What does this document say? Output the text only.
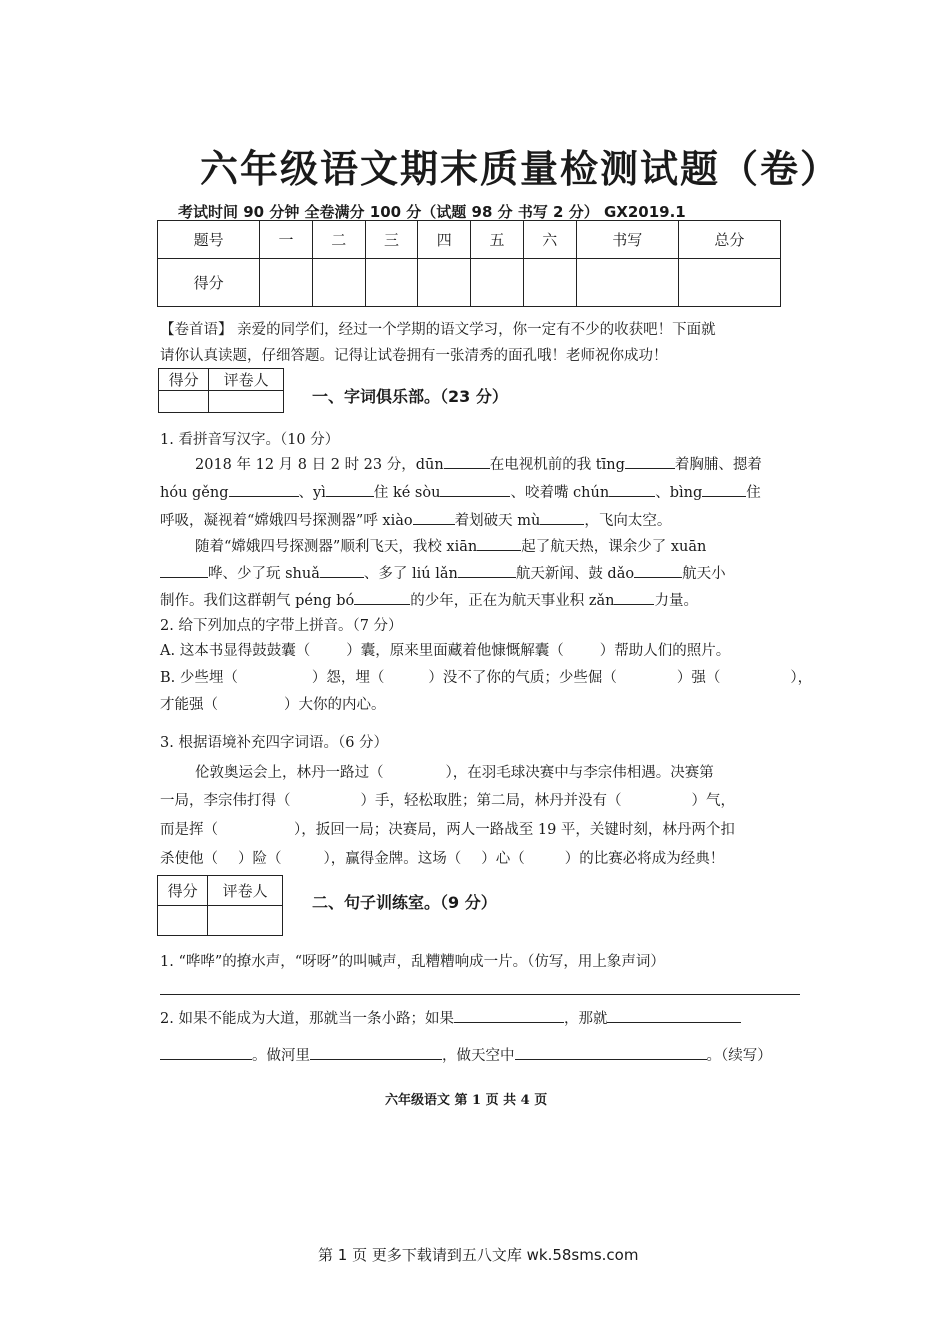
六年级语文期末质量检测试题（卷）
考试时间 90 分钟 全卷满分 100 分（试题 98 分 书写 2 分） GX2019.1
题号	一	二	三	四	五	六	书写	总分
得分								
【卷首语】 亲爱的同学们，经过一个学期的语文学习，你一定有不少的收获吧！下面就
请你认真读题，仔细答题。记得让试卷拥有一张清秀的面孔哦！老师祝你成功！
得分	评卷人

一、字词俱乐部。（23 分）
1. 看拼音写汉字。（10 分）
2018 年 12 月 8 日 2 时 23 分，dūn	在电视机前的我 tīng	着胸脯、摁着
hóu gěng	、yì	住 ké sòu	、咬着嘴 chún	、bìng	住
呼吸，凝视着“嫦娥四号探测器”呼 xiào	着划破天 mù	，飞向太空。
随着“嫦娥四号探测器”顺利飞天，我校 xiān	起了航天热，课余少了 xuān
哗、少了玩 shuǎ	、多了 liú lǎn	航天新闻、鼓 dǎo	航天小
制作。我们这群朝气 péng bó	的少年，正在为航天事业积 zǎn	力量。
2. 给下列加点的字带上拼音。（7 分）
A. 这本书显得鼓鼓囊（ ）囊，原来里面藏着他慷慨解囊（ ）帮助人们的照片。
B. 少些埋（	）怨，埋（	）没不了你的气质；少些倔（	）强（	），
才能强（	）大你的内心。
3. 根据语境补充四字词语。（6 分）
伦敦奥运会上，林丹一路过（	），在羽毛球决赛中与李宗伟相遇。决赛第
一局，李宗伟打得（	）手，轻松取胜；第二局，林丹并没有（	）气，
而是挥（	），扳回一局；决赛局，两人一路战至 19 平，关键时刻，林丹两个扣
杀使他（ ）险（	），赢得金牌。这场（ ）心（	）的比赛必将成为经典！
得分	评卷人

二、句子训练室。（9 分）
1. “哗哗”的撩水声，“呀呀”的叫喊声，乱糟糟响成一片。（仿写，用上象声词）
2. 如果不能成为大道，那就当一条小路；如果	，那就
。做河里	，做天空中	。（续写）
六年级语文 第 1 页 共 4 页
第 1 页 更多下载请到五八文库 wk.58sms.com
